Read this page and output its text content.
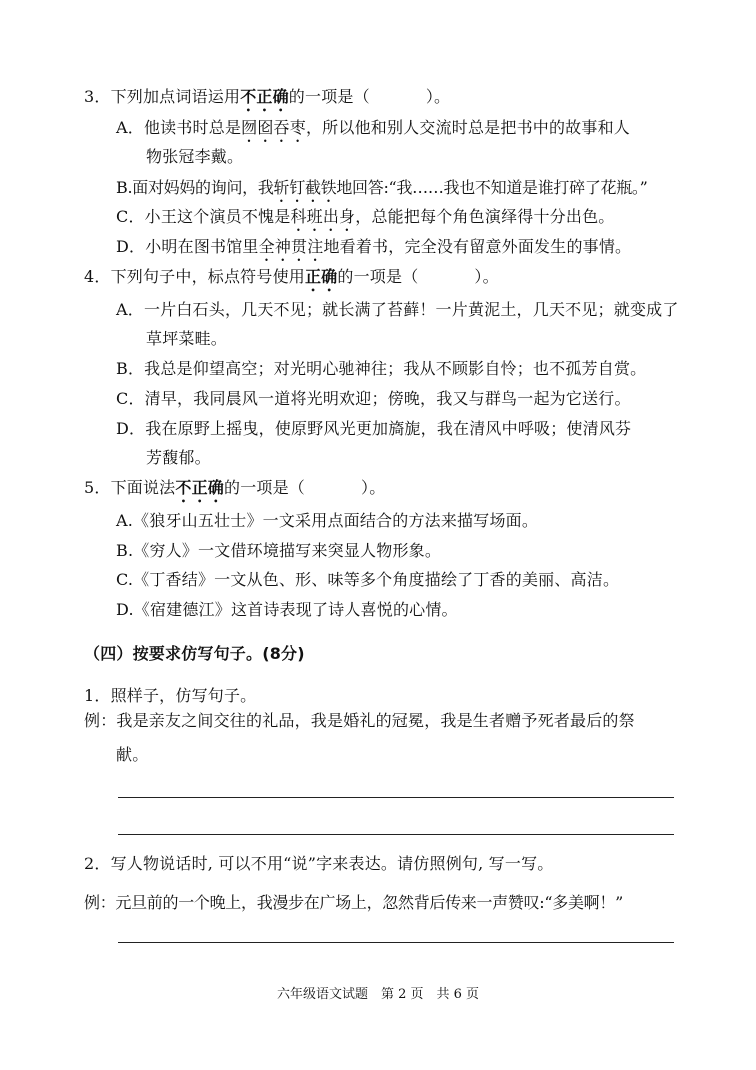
3．下列加点词语运用不正确的一项是（	）。
A．他读书时总是囫囵吞枣，所以他和别人交流时总是把书中的故事和人
物张冠李戴。
B.面对妈妈的询问，我斩钉截铁地回答:“我……我也不知道是谁打碎了花瓶。”
C．小王这个演员不愧是科班出身，总能把每个角色演绎得十分出色。
D．小明在图书馆里全神贯注地看着书，完全没有留意外面发生的事情。
4．下列句子中，标点符号使用正确的一项是（	）。
A．一片白石头，几天不见；就长满了苔藓！一片黄泥土，几天不见；就变成了
草坪菜畦。
B．我总是仰望高空；对光明心驰神往；我从不顾影自怜；也不孤芳自赏。
C．清早，我同晨风一道将光明欢迎；傍晚，我又与群鸟一起为它送行。
D．我在原野上摇曳，使原野风光更加旖旎，我在清风中呼吸；使清风芬
芳馥郁。
5．下面说法不正确的一项是（	）。
A.《狼牙山五壮士》一文采用点面结合的方法来描写场面。
B.《穷人》一文借环境描写来突显人物形象。
C.《丁香结》一文从色、形、味等多个角度描绘了丁香的美丽、高洁。
D.《宿建德江》这首诗表现了诗人喜悦的心情。
（四）按要求仿写句子。(8分)
1．照样子，仿写句子。
例：我是亲友之间交往的礼品，我是婚礼的冠冕，我是生者赠予死者最后的祭
献。
2．写人物说话时, 可以不用“说”字来表达。请仿照例句, 写一写。
例：元旦前的一个晚上，我漫步在广场上，忽然背后传来一声赞叹:“多美啊！”
六年级语文试题　第 2 页　共 6 页
